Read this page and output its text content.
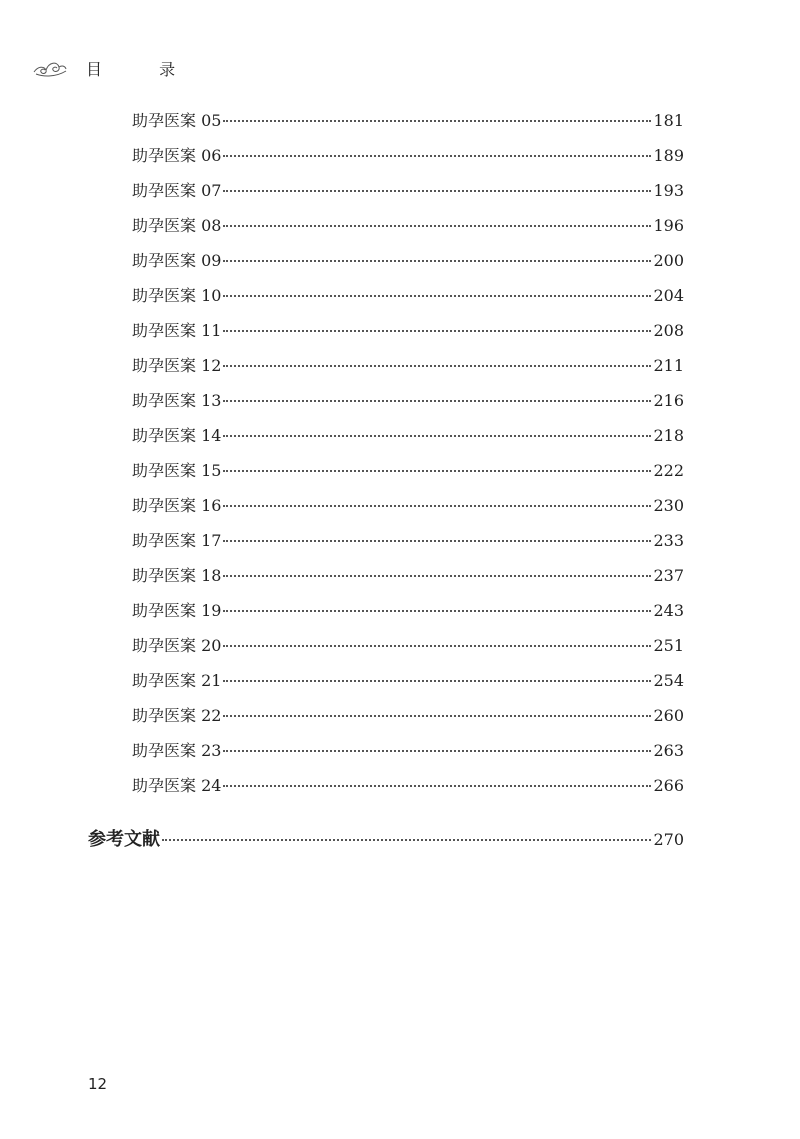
目 录
助孕医案 05	181
助孕医案 06	189
助孕医案 07	193
助孕医案 08	196
助孕医案 09	200
助孕医案 10	204
助孕医案 11	208
助孕医案 12	211
助孕医案 13	216
助孕医案 14	218
助孕医案 15	222
助孕医案 16	230
助孕医案 17	233
助孕医案 18	237
助孕医案 19	243
助孕医案 20	251
助孕医案 21	254
助孕医案 22	260
助孕医案 23	263
助孕医案 24	266
参考文献	270
12
